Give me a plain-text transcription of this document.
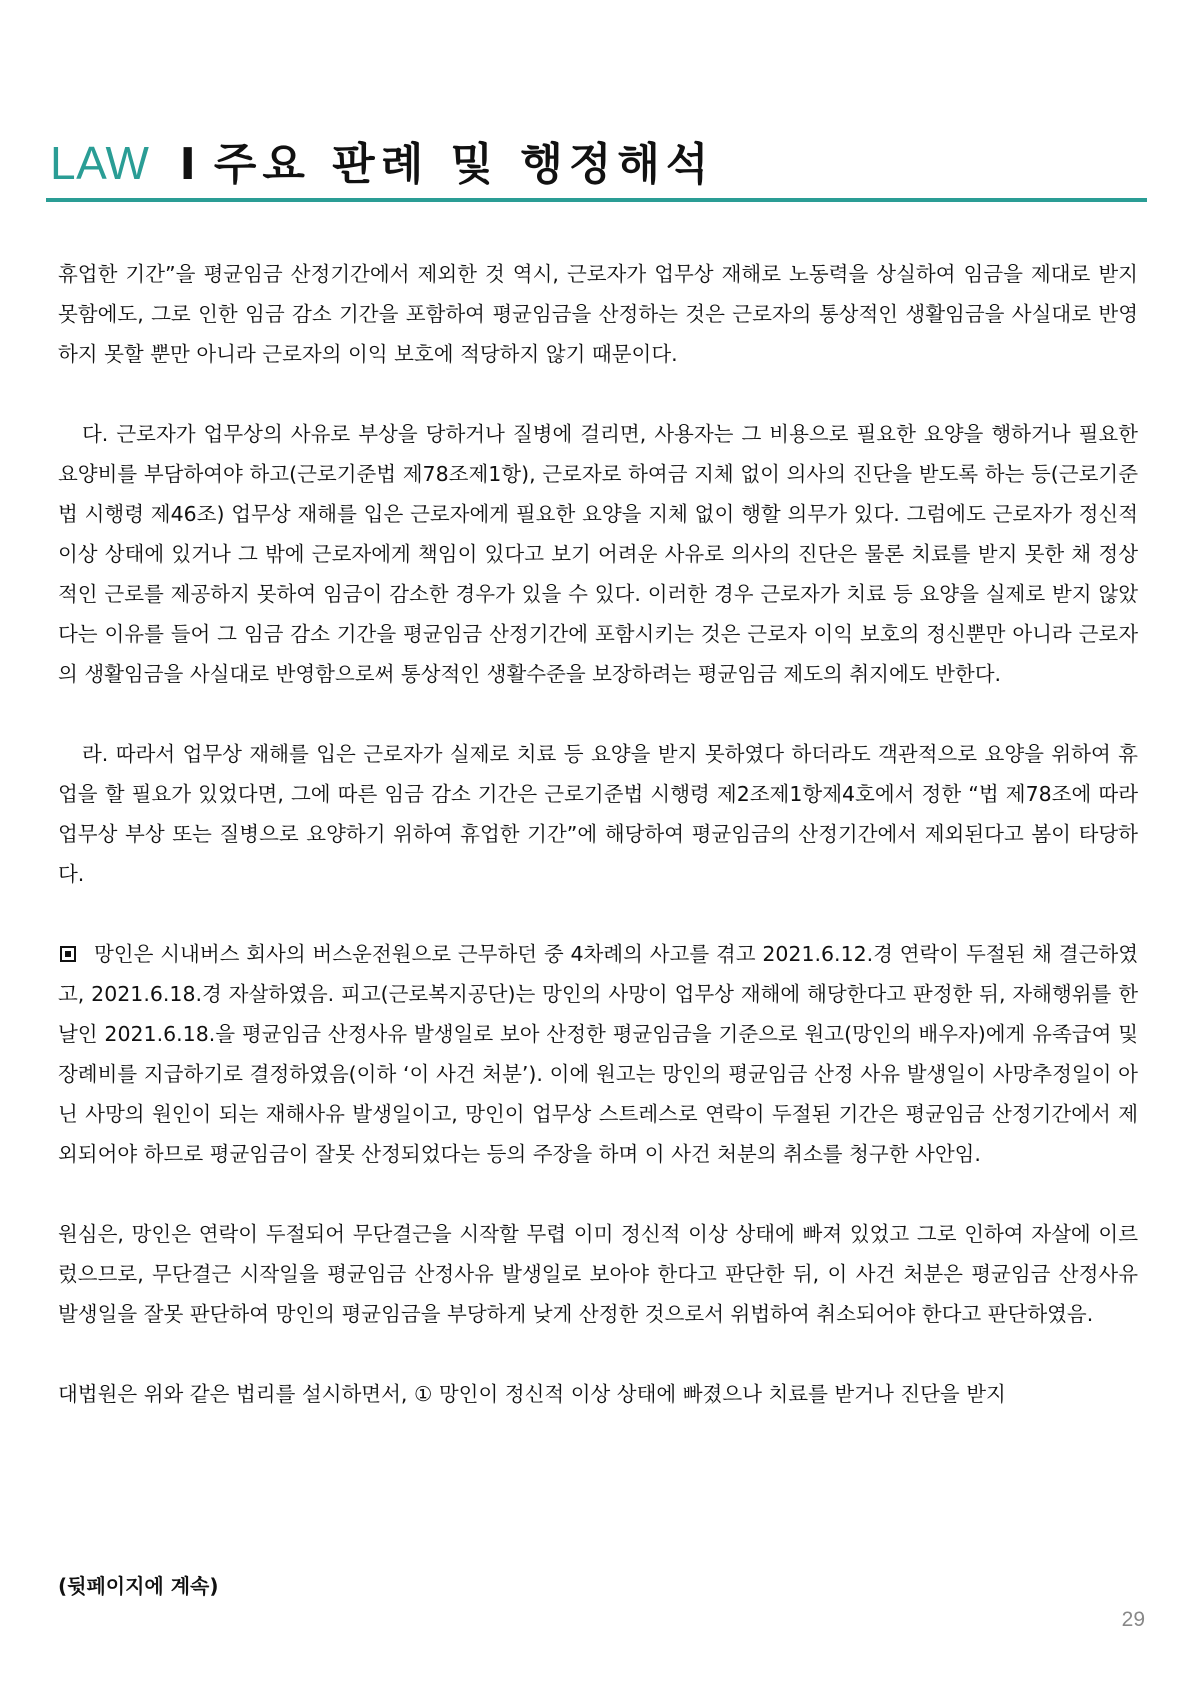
LAW I 주요 판례 및 행정해석

휴업한 기간”을 평균임금 산정기간에서 제외한 것 역시, 근로자가 업무상 재해로 노동력을 상실하여 임금을 제대로 받지 못함에도, 그로 인한 임금 감소 기간을 포함하여 평균임금을 산정하는 것은 근로자의 통상적인 생활임금을 사실대로 반영하지 못할 뿐만 아니라 근로자의 이익 보호에 적당하지 않기 때문이다.

다. 근로자가 업무상의 사유로 부상을 당하거나 질병에 걸리면, 사용자는 그 비용으로 필요한 요양을 행하거나 필요한 요양비를 부담하여야 하고(근로기준법 제78조제1항), 근로자로 하여금 지체 없이 의사의 진단을 받도록 하는 등(근로기준법 시행령 제46조) 업무상 재해를 입은 근로자에게 필요한 요양을 지체 없이 행할 의무가 있다. 그럼에도 근로자가 정신적 이상 상태에 있거나 그 밖에 근로자에게 책임이 있다고 보기 어려운 사유로 의사의 진단은 물론 치료를 받지 못한 채 정상적인 근로를 제공하지 못하여 임금이 감소한 경우가 있을 수 있다. 이러한 경우 근로자가 치료 등 요양을 실제로 받지 않았다는 이유를 들어 그 임금 감소 기간을 평균임금 산정기간에 포함시키는 것은 근로자 이익 보호의 정신뿐만 아니라 근로자의 생활임금을 사실대로 반영함으로써 통상적인 생활수준을 보장하려는 평균임금 제도의 취지에도 반한다.

라. 따라서 업무상 재해를 입은 근로자가 실제로 치료 등 요양을 받지 못하였다 하더라도 객관적으로 요양을 위하여 휴업을 할 필요가 있었다면, 그에 따른 임금 감소 기간은 근로기준법 시행령 제2조제1항제4호에서 정한 “법 제78조에 따라 업무상 부상 또는 질병으로 요양하기 위하여 휴업한 기간”에 해당하여 평균임금의 산정기간에서 제외된다고 봄이 타당하다.

망인은 시내버스 회사의 버스운전원으로 근무하던 중 4차례의 사고를 겪고 2021.6.12.경 연락이 두절된 채 결근하였고, 2021.6.18.경 자살하였음. 피고(근로복지공단)는 망인의 사망이 업무상 재해에 해당한다고 판정한 뒤, 자해행위를 한 날인 2021.6.18.을 평균임금 산정사유 발생일로 보아 산정한 평균임금을 기준으로 원고(망인의 배우자)에게 유족급여 및 장례비를 지급하기로 결정하였음(이하 ‘이 사건 처분’). 이에 원고는 망인의 평균임금 산정 사유 발생일이 사망추정일이 아닌 사망의 원인이 되는 재해사유 발생일이고, 망인이 업무상 스트레스로 연락이 두절된 기간은 평균임금 산정기간에서 제외되어야 하므로 평균임금이 잘못 산정되었다는 등의 주장을 하며 이 사건 처분의 취소를 청구한 사안임.

원심은, 망인은 연락이 두절되어 무단결근을 시작할 무렵 이미 정신적 이상 상태에 빠져 있었고 그로 인하여 자살에 이르렀으므로, 무단결근 시작일을 평균임금 산정사유 발생일로 보아야 한다고 판단한 뒤, 이 사건 처분은 평균임금 산정사유 발생일을 잘못 판단하여 망인의 평균임금을 부당하게 낮게 산정한 것으로서 위법하여 취소되어야 한다고 판단하였음.

대법원은 위와 같은 법리를 설시하면서, ① 망인이 정신적 이상 상태에 빠졌으나 치료를 받거나 진단을 받지

(뒷페이지에 계속)
29
